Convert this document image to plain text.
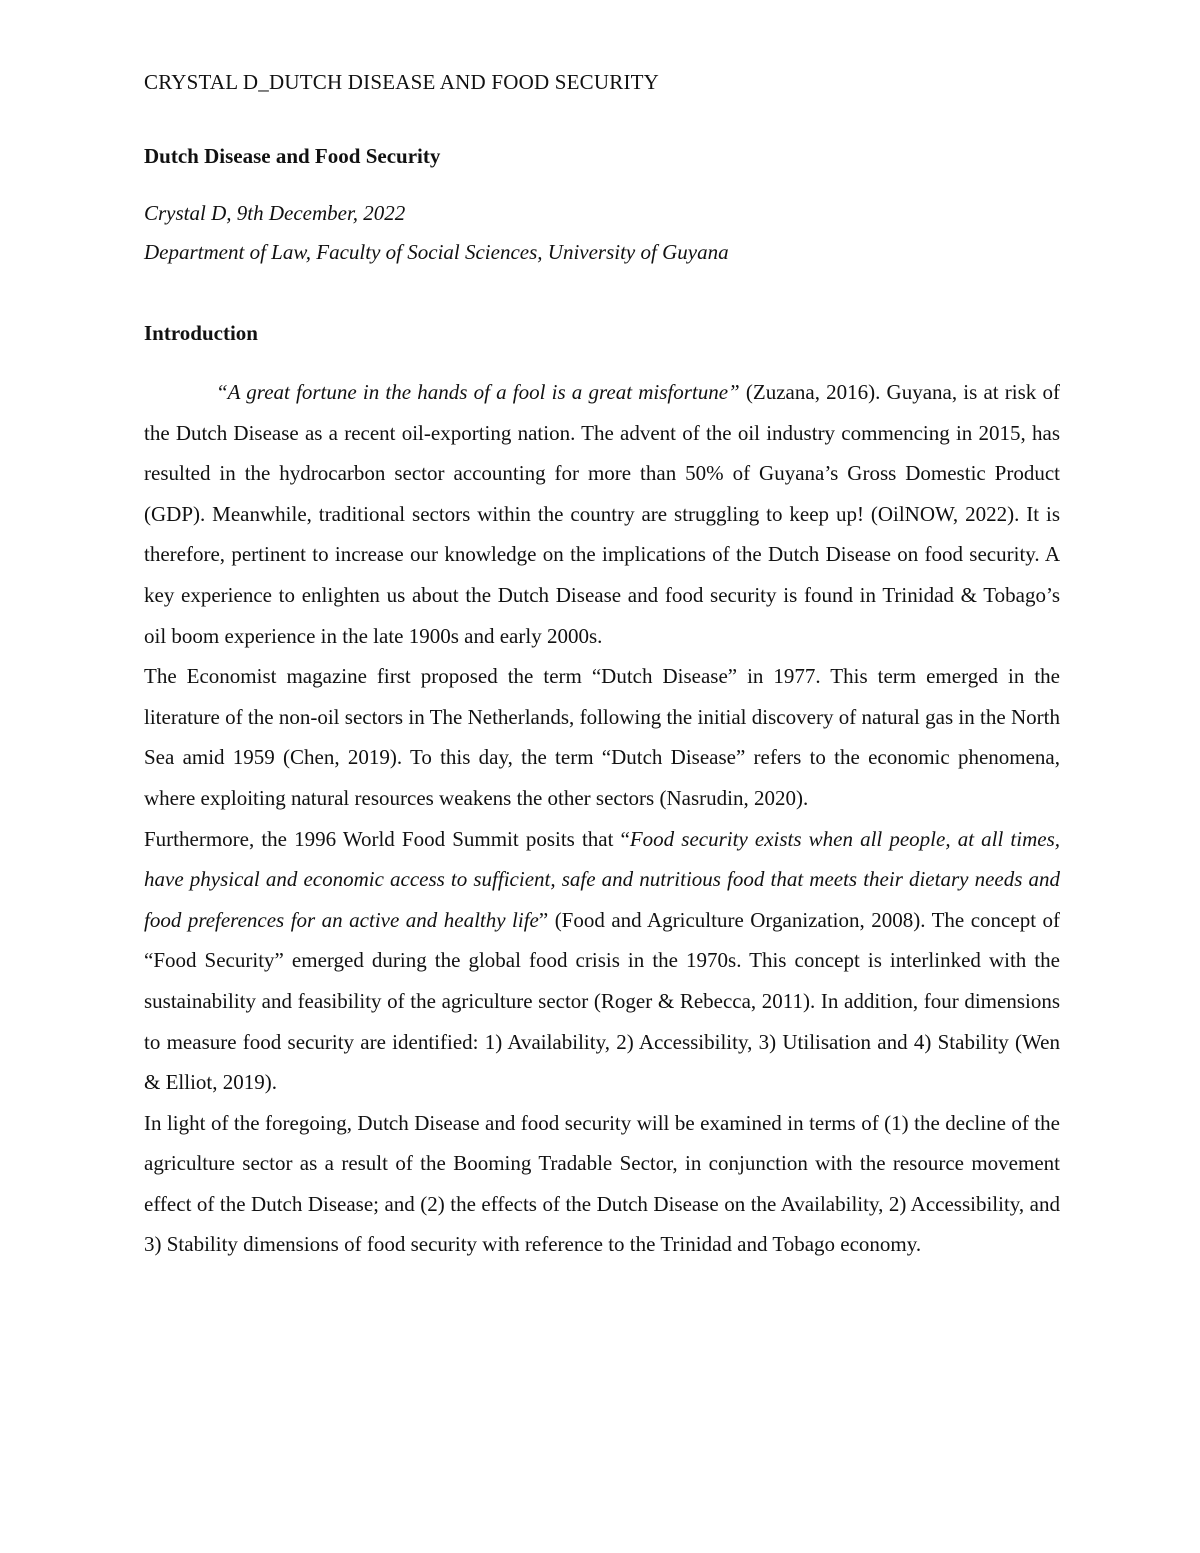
CRYSTAL D_DUTCH DISEASE AND FOOD SECURITY
Dutch Disease and Food Security
Crystal D, 9th December, 2022
Department of Law, Faculty of Social Sciences, University of Guyana
Introduction

“A great fortune in the hands of a fool is a great misfortune” (Zuzana, 2016). Guyana, is at risk of the Dutch Disease as a recent oil-exporting nation. The advent of the oil industry commencing in 2015, has resulted in the hydrocarbon sector accounting for more than 50% of Guyana’s Gross Domestic Product (GDP). Meanwhile, traditional sectors within the country are struggling to keep up! (OilNOW, 2022). It is therefore, pertinent to increase our knowledge on the implications of the Dutch Disease on food security. A key experience to enlighten us about the Dutch Disease and food security is found in Trinidad & Tobago’s oil boom experience in the late 1900s and early 2000s.

The Economist magazine first proposed the term “Dutch Disease” in 1977. This term emerged in the literature of the non-oil sectors in The Netherlands, following the initial discovery of natural gas in the North Sea amid 1959 (Chen, 2019). To this day, the term “Dutch Disease” refers to the economic phenomena, where exploiting natural resources weakens the other sectors (Nasrudin, 2020).

Furthermore, the 1996 World Food Summit posits that “Food security exists when all people, at all times, have physical and economic access to sufficient, safe and nutritious food that meets their dietary needs and food preferences for an active and healthy life” (Food and Agriculture Organization, 2008). The concept of “Food Security” emerged during the global food crisis in the 1970s. This concept is interlinked with the sustainability and feasibility of the agriculture sector (Roger & Rebecca, 2011). In addition, four dimensions to measure food security are identified: 1) Availability, 2) Accessibility, 3) Utilisation and 4) Stability (Wen & Elliot, 2019).

In light of the foregoing, Dutch Disease and food security will be examined in terms of (1) the decline of the agriculture sector as a result of the Booming Tradable Sector, in conjunction with the resource movement effect of the Dutch Disease; and (2) the effects of the Dutch Disease on the Availability, 2) Accessibility, and 3) Stability dimensions of food security with reference to the Trinidad and Tobago economy.
